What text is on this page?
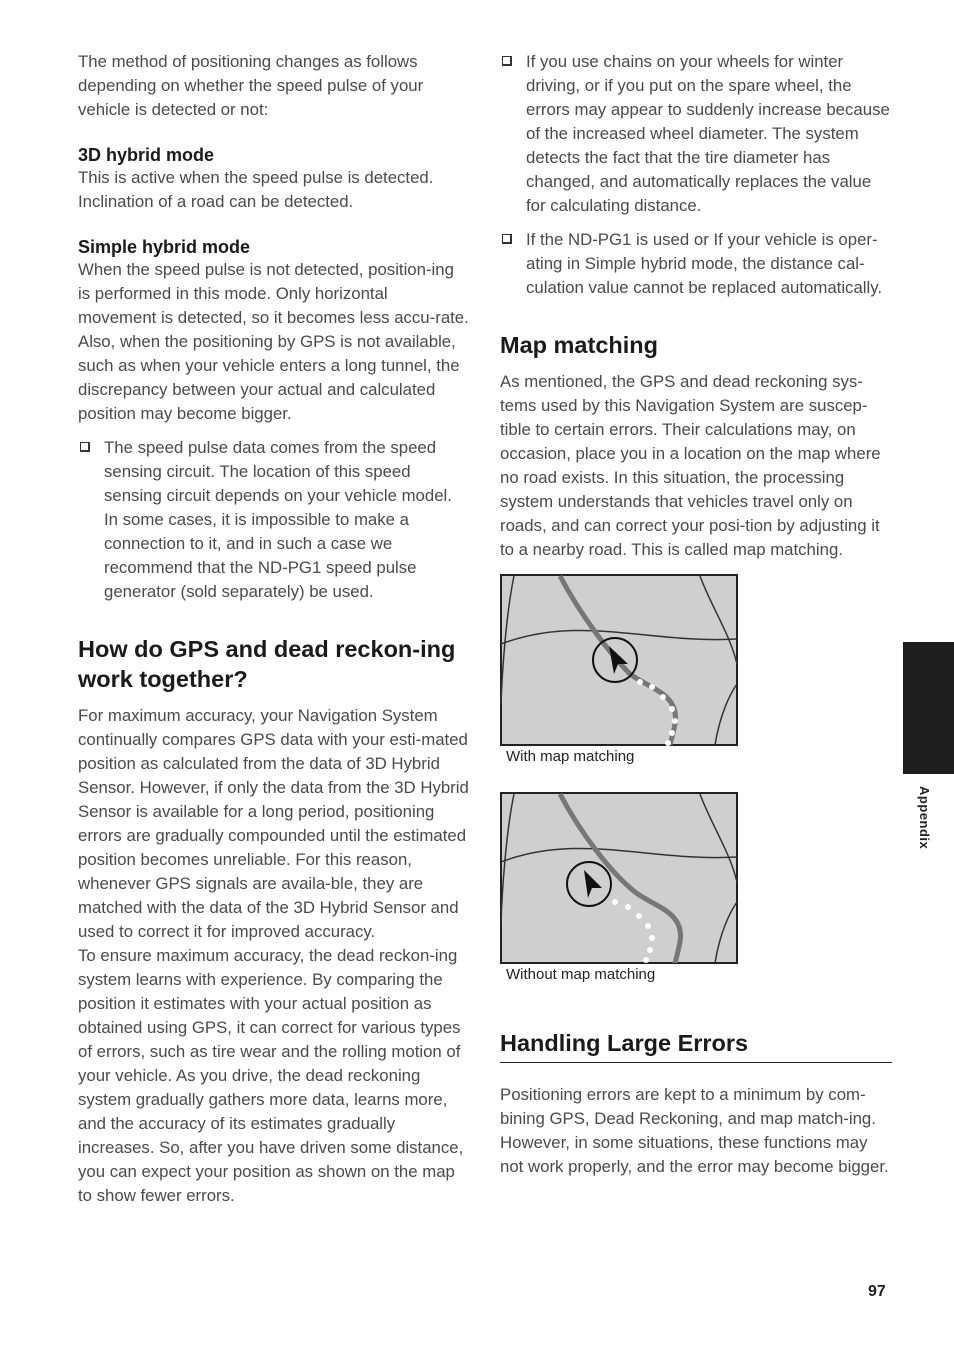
The method of positioning changes as follows depending on whether the speed pulse of your vehicle is detected or not:

3D hybrid mode

This is active when the speed pulse is detected. Inclination of a road can be detected.

Simple hybrid mode

When the speed pulse is not detected, position-ing is performed in this mode. Only horizontal movement is detected, so it becomes less accu-rate. Also, when the positioning by GPS is not available, such as when your vehicle enters a long tunnel, the discrepancy between your actual and calculated position may become bigger.

The speed pulse data comes from the speed sensing circuit. The location of this speed sensing circuit depends on your vehicle model. In some cases, it is impossible to make a connection to it, and in such a case we recommend that the ND-PG1 speed pulse generator (sold separately) be used.

How do GPS and dead reckon-ing work together?

For maximum accuracy, your Navigation System continually compares GPS data with your esti-mated position as calculated from the data of 3D Hybrid Sensor. However, if only the data from the 3D Hybrid Sensor is available for a long period, positioning errors are gradually compounded until the estimated position becomes unreliable. For this reason, whenever GPS signals are availa-ble, they are matched with the data of the 3D Hybrid Sensor and used to correct it for improved accuracy.

To ensure maximum accuracy, the dead reckon-ing system learns with experience. By comparing the position it estimates with your actual position as obtained using GPS, it can correct for various types of errors, such as tire wear and the rolling motion of your vehicle. As you drive, the dead reckoning system gradually gathers more data, learns more, and the accuracy of its estimates gradually increases. So, after you have driven some distance, you can expect your position as shown on the map to show fewer errors.

If you use chains on your wheels for winter driving, or if you put on the spare wheel, the errors may appear to suddenly increase because of the increased wheel diameter. The system detects the fact that the tire diameter has changed, and automatically replaces the value for calculating distance.

If the ND-PG1 is used or If your vehicle is oper-ating in Simple hybrid mode, the distance cal-culation value cannot be replaced automatically.

Map matching

As mentioned, the GPS and dead reckoning sys-tems used by this Navigation System are suscep-tible to certain errors. Their calculations may, on occasion, place you in a location on the map where no road exists. In this situation, the processing system understands that vehicles travel only on roads, and can correct your posi-tion by adjusting it to a nearby road. This is called map matching.

With map matching
Without map matching
Handling Large Errors

Positioning errors are kept to a minimum by com-bining GPS, Dead Reckoning, and map match-ing. However, in some situations, these functions may not work properly, and the error may become bigger.

Appendix
97
